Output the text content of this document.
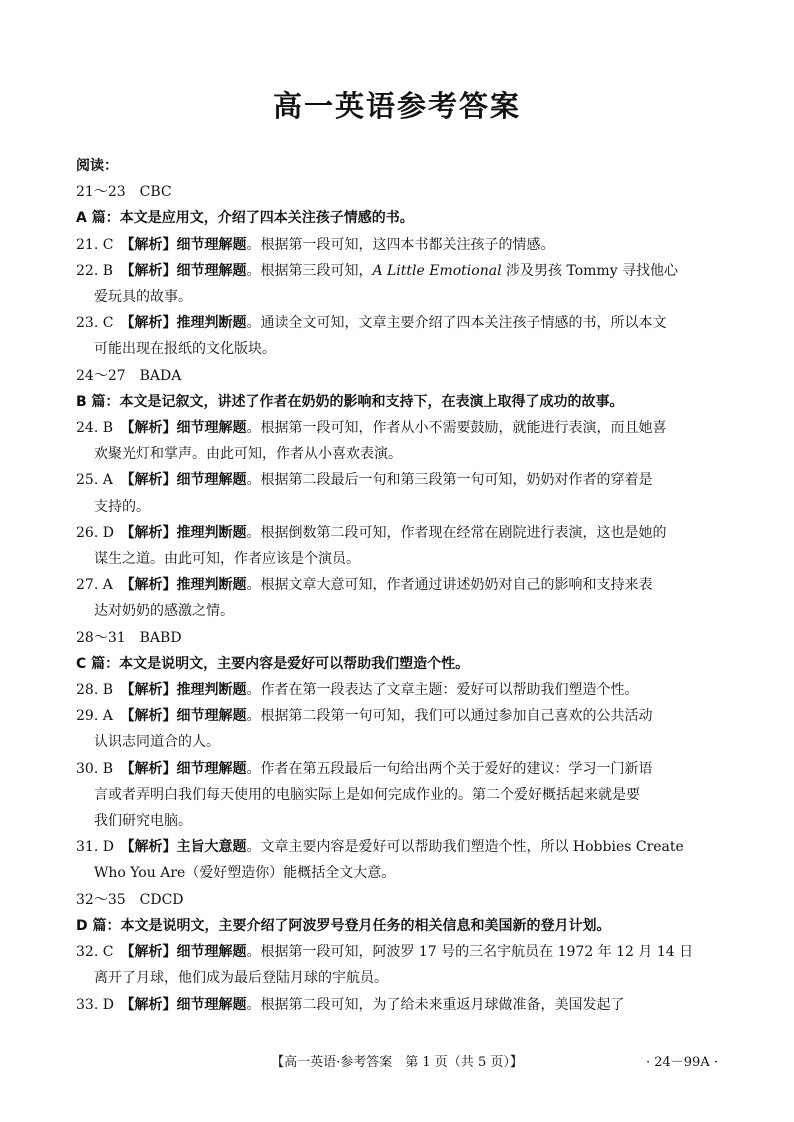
高一英语参考答案
阅读：
21～23　CBC
A 篇：本文是应用文，介绍了四本关注孩子情感的书。
21. C 【解析】细节理解题。根据第一段可知，这四本书都关注孩子的情感。
22. B 【解析】细节理解题。根据第三段可知，A Little Emotional 涉及男孩 Tommy 寻找他心
爱玩具的故事。
23. C 【解析】推理判断题。通读全文可知，文章主要介绍了四本关注孩子情感的书，所以本文
可能出现在报纸的文化版块。
24～27　BADA
B 篇：本文是记叙文，讲述了作者在奶奶的影响和支持下，在表演上取得了成功的故事。
24. B 【解析】细节理解题。根据第一段可知，作者从小不需要鼓励，就能进行表演，而且她喜
欢聚光灯和掌声。由此可知，作者从小喜欢表演。
25. A 【解析】细节理解题。根据第二段最后一句和第三段第一句可知，奶奶对作者的穿着是
支持的。
26. D 【解析】推理判断题。根据倒数第二段可知，作者现在经常在剧院进行表演，这也是她的
谋生之道。由此可知，作者应该是个演员。
27. A 【解析】推理判断题。根据文章大意可知，作者通过讲述奶奶对自己的影响和支持来表
达对奶奶的感激之情。
28～31　BABD
C 篇：本文是说明文，主要内容是爱好可以帮助我们塑造个性。
28. B 【解析】推理判断题。作者在第一段表达了文章主题：爱好可以帮助我们塑造个性。
29. A 【解析】细节理解题。根据第二段第一句可知，我们可以通过参加自己喜欢的公共活动
认识志同道合的人。
30. B 【解析】细节理解题。作者在第五段最后一句给出两个关于爱好的建议：学习一门新语
言或者弄明白我们每天使用的电脑实际上是如何完成作业的。第二个爱好概括起来就是要
我们研究电脑。
31. D 【解析】主旨大意题。文章主要内容是爱好可以帮助我们塑造个性，所以 Hobbies Create
Who You Are（爱好塑造你）能概括全文大意。
32～35　CDCD
D 篇：本文是说明文，主要介绍了阿波罗号登月任务的相关信息和美国新的登月计划。
32. C 【解析】细节理解题。根据第一段可知，阿波罗 17 号的三名宇航员在 1972 年 12 月 14 日
离开了月球，他们成为最后登陆月球的宇航员。
33. D 【解析】细节理解题。根据第二段可知，为了给未来重返月球做准备，美国发起了
【高一英语·参考答案　第 1 页（共 5 页）】	· 24－99A ·
